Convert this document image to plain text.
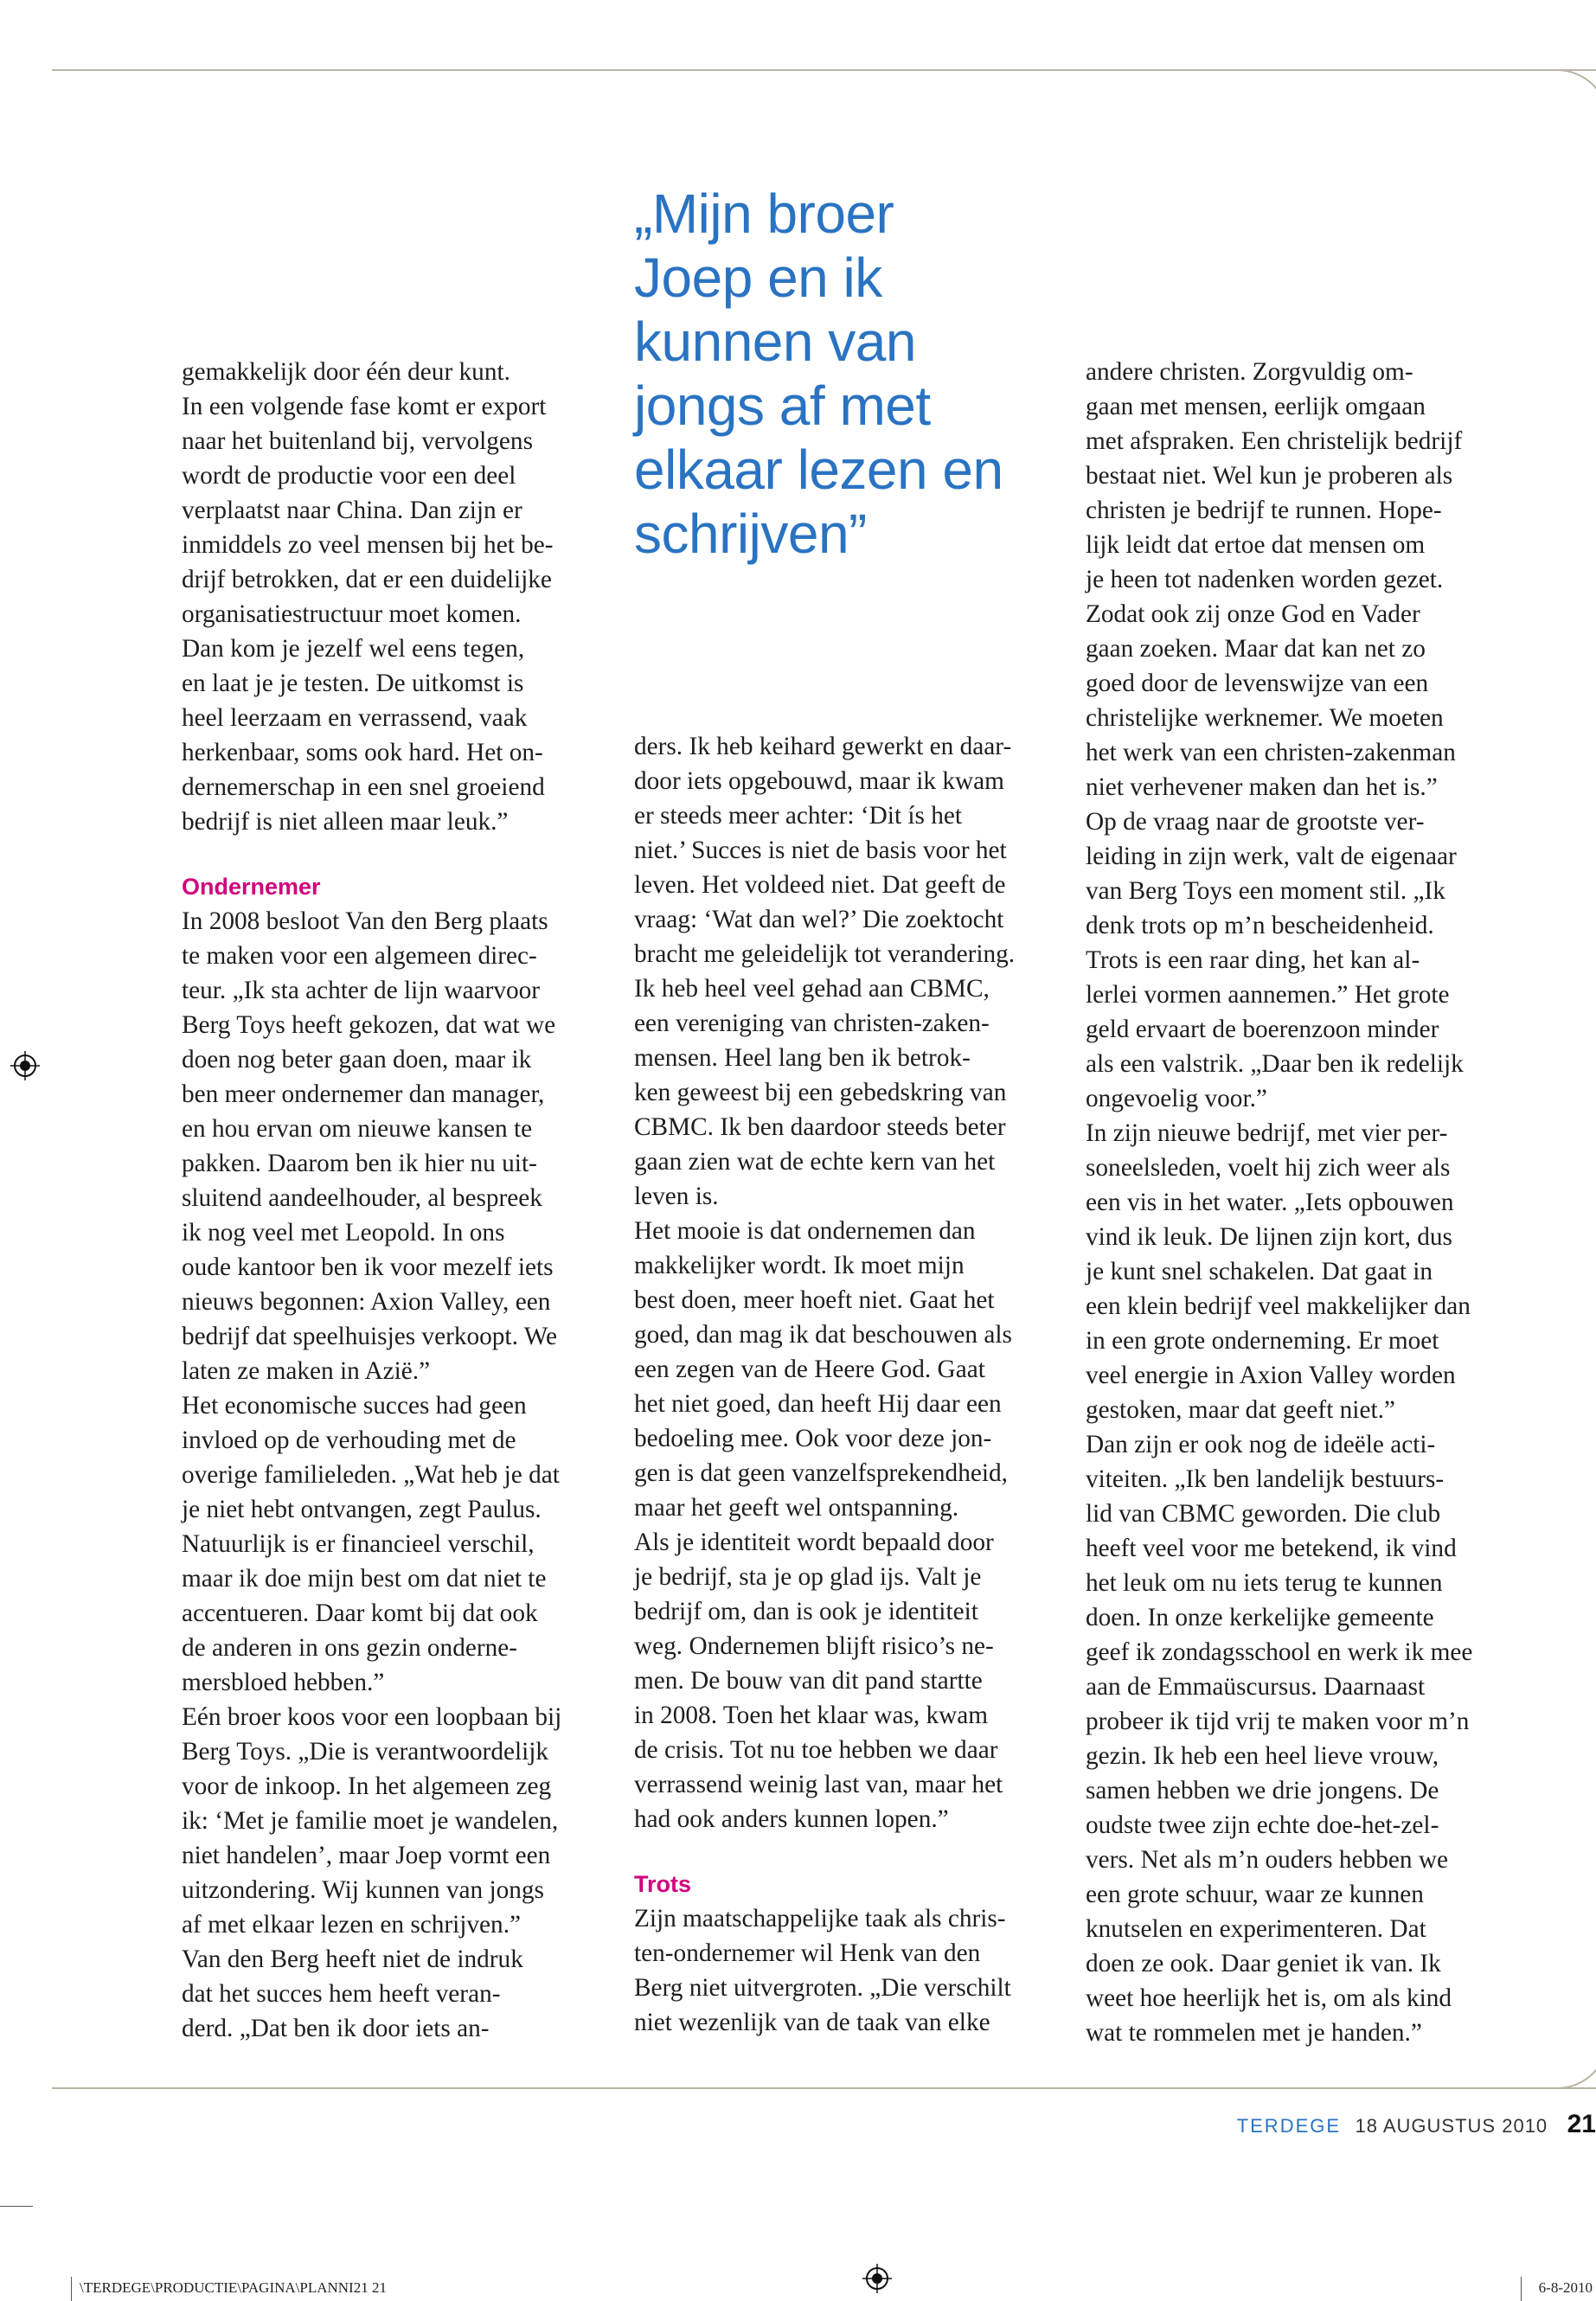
„Mijn broer
Joep en ik
kunnen van
jongs af met
elkaar lezen en
schrijven”

gemakkelijk door één deur kunt.
In een volgende fase komt er export
naar het buitenland bij, vervolgens
wordt de productie voor een deel
verplaatst naar China. Dan zijn er
inmiddels zo veel mensen bij het be-
drijf betrokken, dat er een duidelijke
organisatiestructuur moet komen.
Dan kom je jezelf wel eens tegen,
en laat je je testen. De uitkomst is
heel leerzaam en verrassend, vaak
herkenbaar, soms ook hard. Het on-
dernemerschap in een snel groeiend
bedrijf is niet alleen maar leuk.”

Ondernemer

In 2008 besloot Van den Berg plaats
te maken voor een algemeen direc-
teur. „Ik sta achter de lijn waarvoor
Berg Toys heeft gekozen, dat wat we
doen nog beter gaan doen, maar ik
ben meer ondernemer dan manager,
en hou ervan om nieuwe kansen te
pakken. Daarom ben ik hier nu uit-
sluitend aandeelhouder, al bespreek
ik nog veel met Leopold. In ons
oude kantoor ben ik voor mezelf iets
nieuws begonnen: Axion Valley, een
bedrijf dat speelhuisjes verkoopt. We
laten ze maken in Azië.”

Het economische succes had geen
invloed op de verhouding met de
overige familieleden. „Wat heb je dat
je niet hebt ontvangen, zegt Paulus.
Natuurlijk is er financieel verschil,
maar ik doe mijn best om dat niet te
accentueren. Daar komt bij dat ook
de anderen in ons gezin onderne-
mersbloed hebben.”

Eén broer koos voor een loopbaan bij
Berg Toys. „Die is verantwoordelijk
voor de inkoop. In het algemeen zeg
ik: ‘Met je familie moet je wandelen,
niet handelen’, maar Joep vormt een
uitzondering. Wij kunnen van jongs
af met elkaar lezen en schrijven.”

Van den Berg heeft niet de indruk
dat het succes hem heeft veran-
derd. „Dat ben ik door iets an-

ders. Ik heb keihard gewerkt en daar-
door iets opgebouwd, maar ik kwam
er steeds meer achter: ‘Dit ís het
niet.’ Succes is niet de basis voor het
leven. Het voldeed niet. Dat geeft de
vraag: ‘Wat dan wel?’ Die zoektocht
bracht me geleidelijk tot verandering.
Ik heb heel veel gehad aan CBMC,
een vereniging van christen-zaken-
mensen. Heel lang ben ik betrok-
ken geweest bij een gebedskring van
CBMC. Ik ben daardoor steeds beter
gaan zien wat de echte kern van het
leven is.

Het mooie is dat ondernemen dan
makkelijker wordt. Ik moet mijn
best doen, meer hoeft niet. Gaat het
goed, dan mag ik dat beschouwen als
een zegen van de Heere God. Gaat
het niet goed, dan heeft Hij daar een
bedoeling mee. Ook voor deze jon-
gen is dat geen vanzelfsprekendheid,
maar het geeft wel ontspanning.

Als je identiteit wordt bepaald door
je bedrijf, sta je op glad ijs. Valt je
bedrijf om, dan is ook je identiteit
weg. Ondernemen blijft risico’s ne-
men. De bouw van dit pand startte
in 2008. Toen het klaar was, kwam
de crisis. Tot nu toe hebben we daar
verrassend weinig last van, maar het
had ook anders kunnen lopen.”

Trots

Zijn maatschappelijke taak als chris-
ten-ondernemer wil Henk van den
Berg niet uitvergroten. „Die verschilt
niet wezenlijk van de taak van elke

andere christen. Zorgvuldig om-
gaan met mensen, eerlijk omgaan
met afspraken. Een christelijk bedrijf
bestaat niet. Wel kun je proberen als
christen je bedrijf te runnen. Hope-
lijk leidt dat ertoe dat mensen om
je heen tot nadenken worden gezet.
Zodat ook zij onze God en Vader
gaan zoeken. Maar dat kan net zo
goed door de levenswijze van een
christelijke werknemer. We moeten
het werk van een christen-zakenman
niet verhevener maken dan het is.”

Op de vraag naar de grootste ver-
leiding in zijn werk, valt de eigenaar
van Berg Toys een moment stil. „Ik
denk trots op m’n bescheidenheid.
Trots is een raar ding, het kan al-
lerlei vormen aannemen.” Het grote
geld ervaart de boerenzoon minder
als een valstrik. „Daar ben ik redelijk
ongevoelig voor.”

In zijn nieuwe bedrijf, met vier per-
soneelsleden, voelt hij zich weer als
een vis in het water. „Iets opbouwen
vind ik leuk. De lijnen zijn kort, dus
je kunt snel schakelen. Dat gaat in
een klein bedrijf veel makkelijker dan
in een grote onderneming. Er moet
veel energie in Axion Valley worden
gestoken, maar dat geeft niet.”

Dan zijn er ook nog de ideële acti-
viteiten. „Ik ben landelijk bestuurs-
lid van CBMC geworden. Die club
heeft veel voor me betekend, ik vind
het leuk om nu iets terug te kunnen
doen. In onze kerkelijke gemeente
geef ik zondagsschool en werk ik mee
aan de Emmaüscursus. Daarnaast
probeer ik tijd vrij te maken voor m’n
gezin. Ik heb een heel lieve vrouw,
samen hebben we drie jongens. De
oudste twee zijn echte doe-het-zel-
vers. Net als m’n ouders hebben we
een grote schuur, waar ze kunnen
knutselen en experimenteren. Dat
doen ze ook. Daar geniet ik van. Ik
weet hoe heerlijk het is, om als kind
wat te rommelen met je handen.”

TERDEGE 18 AUGUSTUS 2010 21
\TERDEGE\PRODUCTIE\PAGINA\PLANNI21 21	6-8-2010
